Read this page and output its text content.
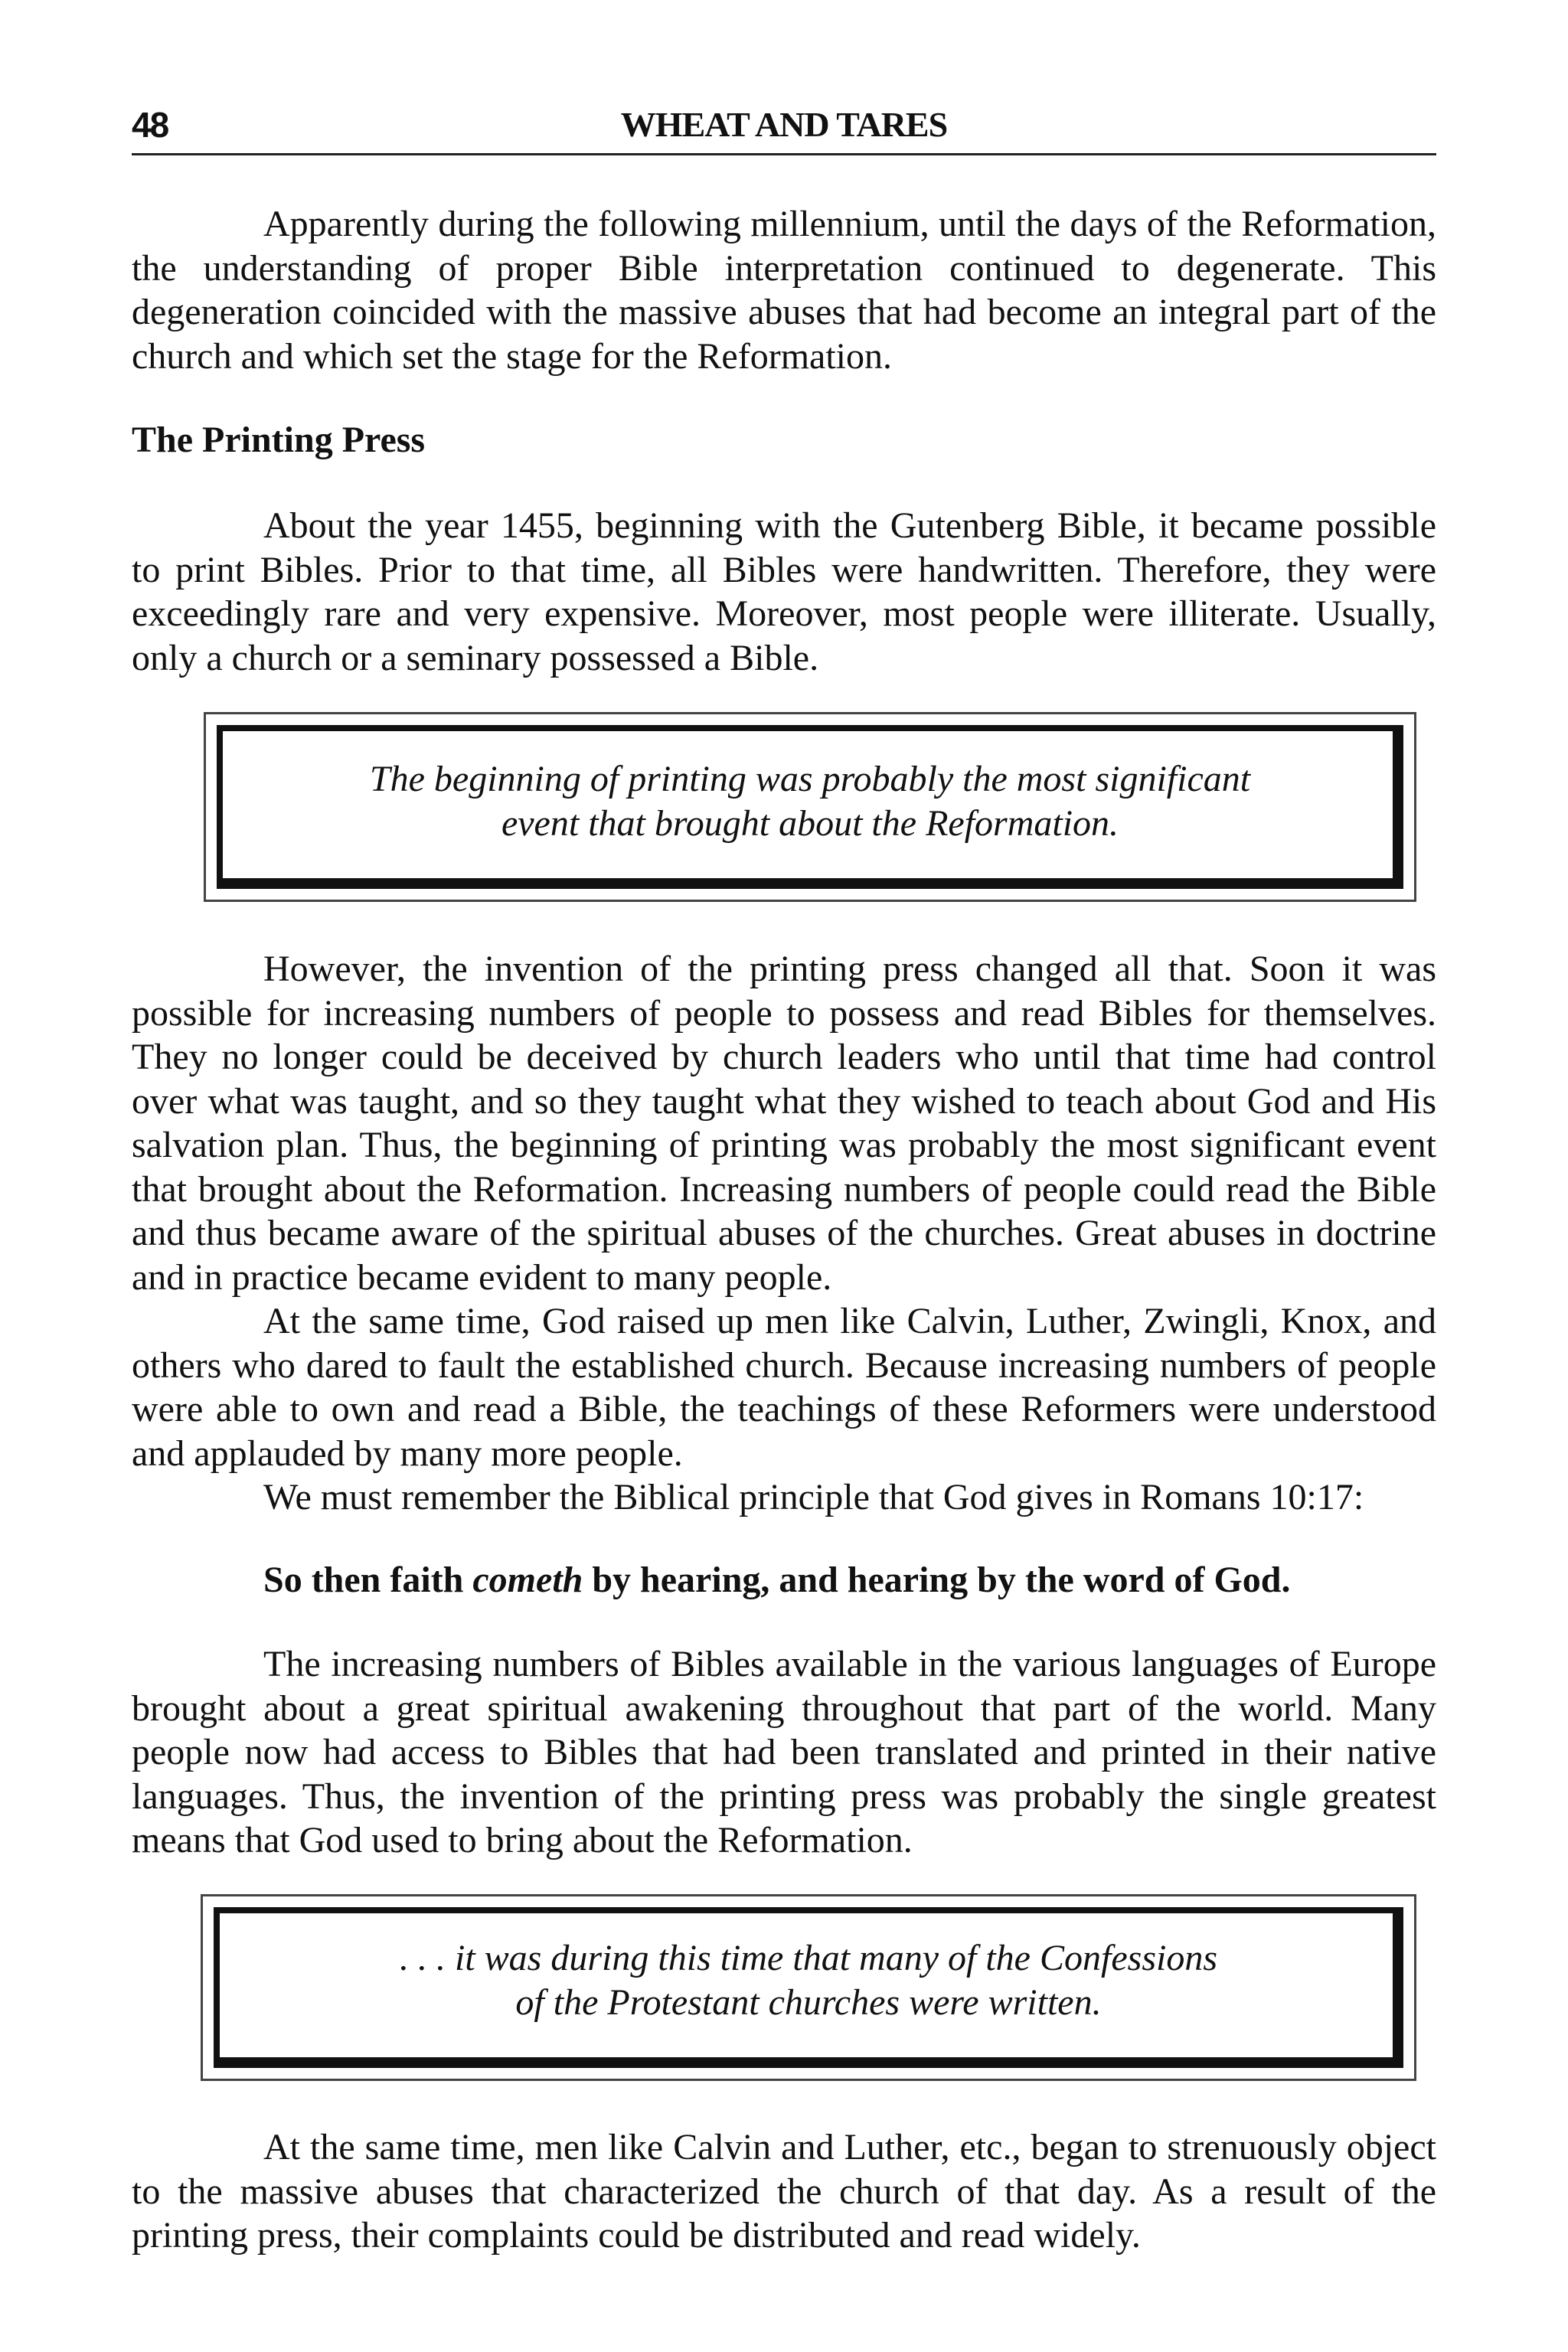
48	WHEAT AND TARES

Apparently during the following millennium, until the days of the Reformation, the understanding of proper Bible interpretation continued to degenerate. This degeneration coincided with the massive abuses that had become an integral part of the church and which set the stage for the Reformation.

The Printing Press

About the year 1455, beginning with the Gutenberg Bible, it became possible to print Bibles. Prior to that time, all Bibles were handwritten. Therefore, they were exceedingly rare and very expensive. Moreover, most people were illiterate. Usually, only a church or a seminary possessed a Bible.

The beginning of printing was probably the most significant
event that brought about the Reformation.

However, the invention of the printing press changed all that. Soon it was possible for increasing numbers of people to possess and read Bibles for themselves. They no longer could be deceived by church leaders who until that time had control over what was taught, and so they taught what they wished to teach about God and His salvation plan. Thus, the beginning of printing was probably the most significant event that brought about the Reformation. Increasing numbers of people could read the Bible and thus became aware of the spiritual abuses of the churches. Great abuses in doctrine and in practice became evident to many people.

At the same time, God raised up men like Calvin, Luther, Zwingli, Knox, and others who dared to fault the established church. Because increasing numbers of people were able to own and read a Bible, the teachings of these Reformers were understood and applauded by many more people.

We must remember the Biblical principle that God gives in Romans 10:17:

So then faith cometh by hearing, and hearing by the word of God.

The increasing numbers of Bibles available in the various languages of Europe brought about a great spiritual awakening throughout that part of the world. Many people now had access to Bibles that had been translated and printed in their native languages. Thus, the invention of the printing press was probably the single greatest means that God used to bring about the Reformation.

. . . it was during this time that many of the Confessions
of the Protestant churches were written.

At the same time, men like Calvin and Luther, etc., began to strenuously object to the massive abuses that characterized the church of that day. As a result of the printing press, their complaints could be distributed and read widely.
